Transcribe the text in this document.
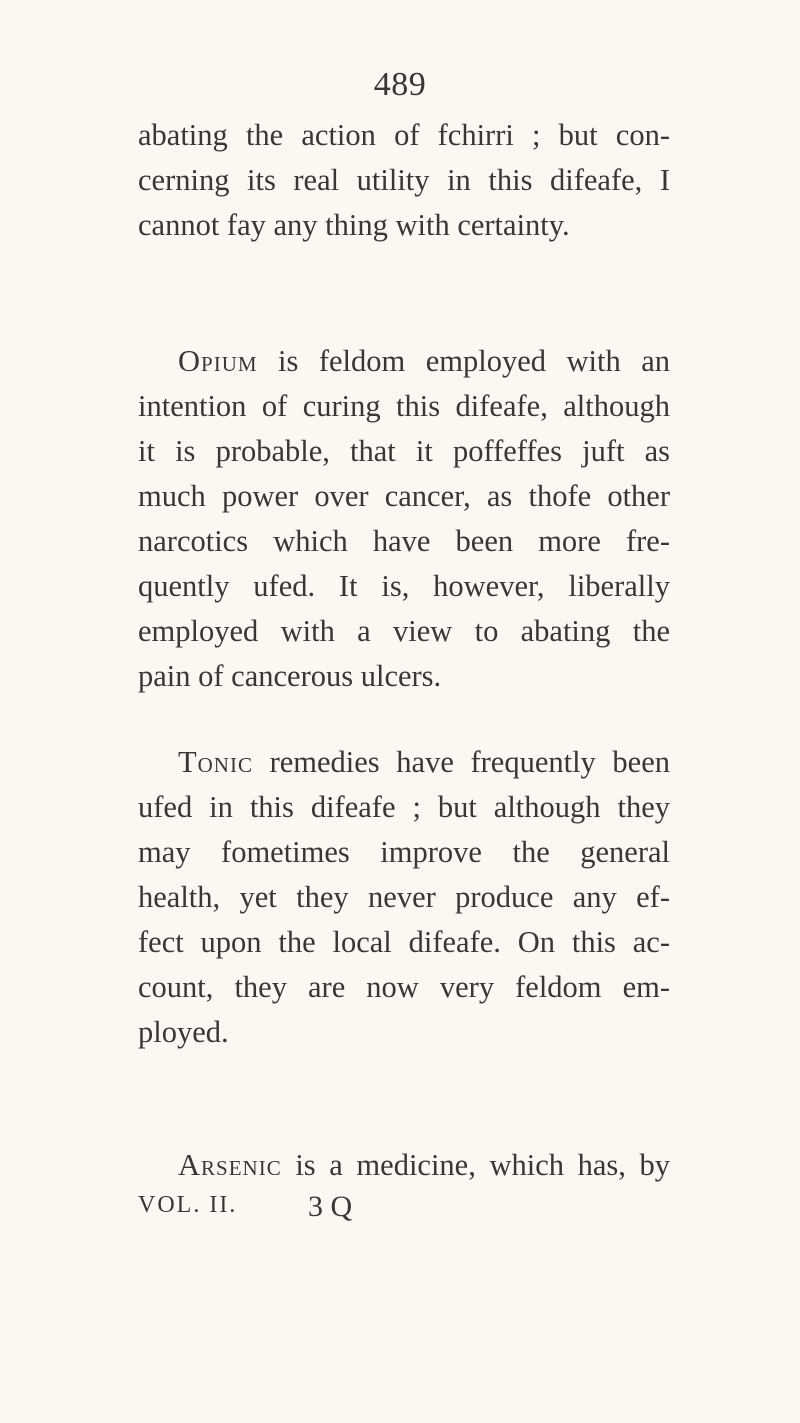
489
abating the action of fchirri ; but con-
cerning its real utility in this difeafe, I
cannot fay any thing with certainty.
Opium is feldom employed with an
intention of curing this difeafe, although
it is probable, that it poffeffes juft as
much power over cancer, as thofe other
narcotics which have been more fre-
quently ufed. It is, however, liberally
employed with a view to abating the
pain of cancerous ulcers.
Tonic remedies have frequently been
ufed in this difeafe ; but although they
may fometimes improve the general
health, yet they never produce any ef-
fect upon the local difeafe. On this ac-
count, they are now very feldom em-
ployed.
Arsenic is a medicine, which has, by
VOL. II. 3 Q
